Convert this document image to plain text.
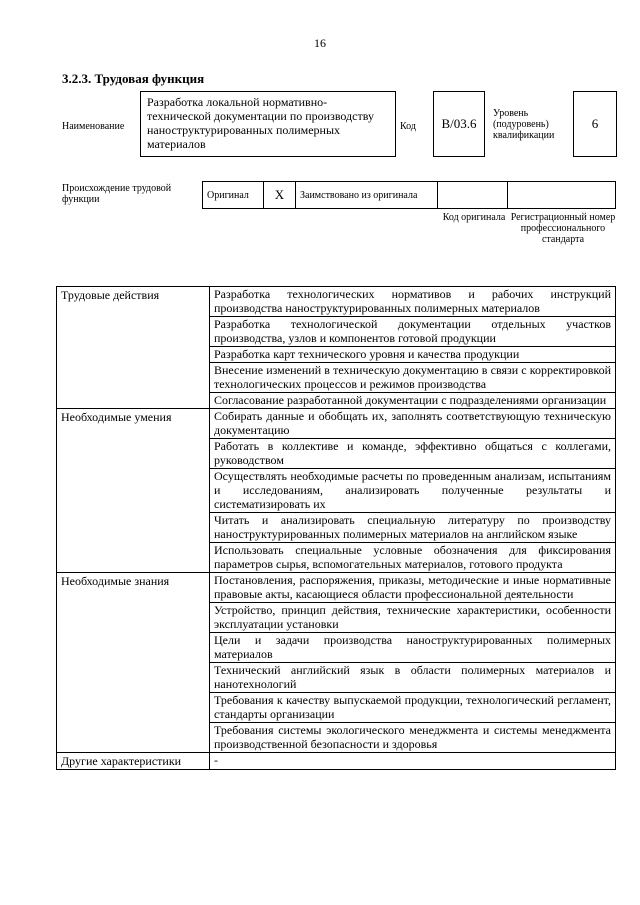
16
3.2.3. Трудовая функция
Наименование
Разработка локальной нормативно-технической документации по производству наноструктурированных полимерных материалов
Код	B/03.6
Уровень (подуровень) квалификации
6
Происхождение трудовой функции	Оригинал	X	Заимствовано из оригинала
Код оригинала Регистрационный номер профессионального стандарта
Трудовые действия	Разработка технологических нормативов и рабочих инструкций производства наноструктурированных полимерных материалов
	Разработка технологической документации отдельных участков производства, узлов и компонентов готовой продукции
	Разработка карт технического уровня и качества продукции
	Внесение изменений в техническую документацию в связи с корректировкой технологических процессов и режимов производства
	Согласование разработанной документации с подразделениями организации
Необходимые умения	Собирать данные и обобщать их, заполнять соответствующую техническую документацию
	Работать в коллективе и команде, эффективно общаться с коллегами, руководством
	Осуществлять необходимые расчеты по проведенным анализам, испытаниям и исследованиям, анализировать полученные результаты и систематизировать их
	Читать и анализировать специальную литературу по производству наноструктурированных полимерных материалов на английском языке
	Использовать специальные условные обозначения для фиксирования параметров сырья, вспомогательных материалов, готового продукта
Необходимые знания	Постановления, распоряжения, приказы, методические и иные нормативные правовые акты, касающиеся области профессиональной деятельности
	Устройство, принцип действия, технические характеристики, особенности эксплуатации установки
	Цели и задачи производства наноструктурированных полимерных материалов
	Технический английский язык в области полимерных материалов и нанотехнологий
	Требования к качеству выпускаемой продукции, технологический регламент, стандарты организации
	Требования системы экологического менеджмента и системы менеджмента производственной безопасности и здоровья
Другие характеристики	-
